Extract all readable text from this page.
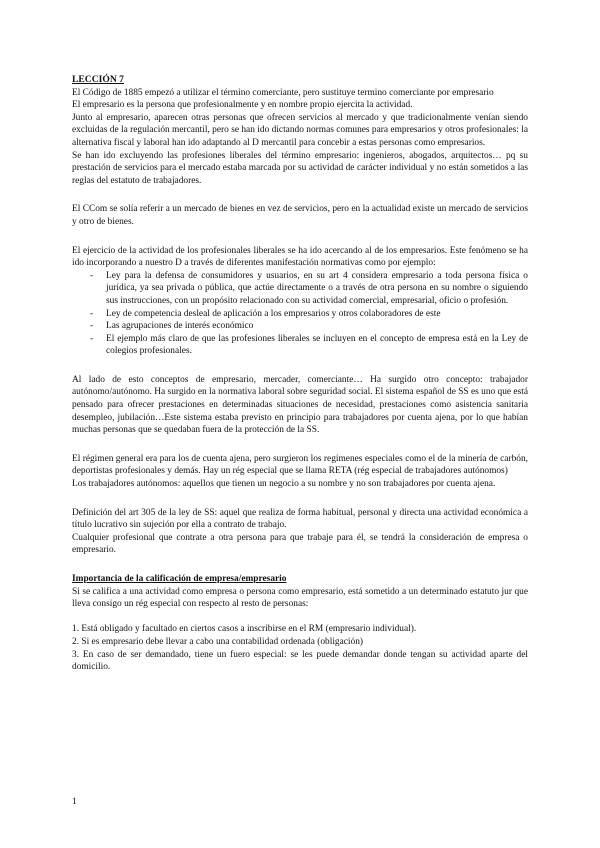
LECCIÓN 7

El Código de 1885 empezó a utilizar el término comerciante, pero sustituye termino comerciante por empresario

El empresario es la persona que profesionalmente y en nombre propio ejercita la actividad.

Junto al empresario, aparecen otras personas que ofrecen servicios al mercado y que tradicionalmente venían siendo excluidas de la regulación mercantil, pero se han ido dictando normas comunes para empresarios y otros profesionales: la alternativa fiscal y laboral han ido adaptando al D mercantil para concebir a estas personas como empresarios.

Se han ido excluyendo las profesiones liberales del término empresario: ingenieros, abogados, arquitectos… pq su prestación de servicios para el mercado estaba marcada por su actividad de carácter individual y no están sometidos a las reglas del estatuto de trabajadores.

El CCom se solía referir a un mercado de bienes en vez de servicios, pero en la actualidad existe un mercado de servicios y otro de bienes.

El ejercicio de la actividad de los profesionales liberales se ha ido acercando al de los empresarios. Este fenómeno se ha ido incorporando a nuestro D a través de diferentes manifestación normativas como por ejemplo:

- Ley para la defensa de consumidores y usuarios, en su art 4 considera empresario a toda persona física o jurídica, ya sea privada o pública, que actúe directamente o a través de otra persona en su nombre o siguiendo sus instrucciones, con un propósito relacionado con su actividad comercial, empresarial, oficio o profesión.
- Ley de competencia desleal de aplicación a los empresarios y otros colaboradores de este
- Las agrupaciones de interés económico
- El ejemplo más claro de que las profesiones liberales se incluyen en el concepto de empresa está en la Ley de colegios profesionales.

Al lado de esto conceptos de empresario, mercader, comerciante… Ha surgido otro concepto: trabajador autónomo/autónomo. Ha surgido en la normativa laboral sobre seguridad social. El sistema español de SS es uno que está pensado para ofrecer prestaciones en determinadas situaciones de necesidad, prestaciones como asistencia sanitaria desempleo, jubilación…Este sistema estaba previsto en principio para trabajadores por cuenta ajena, por lo que habían muchas personas que se quedaban fuera de la protección de la SS.

El régimen general era para los de cuenta ajena, pero surgieron los regímenes especiales como el de la minería de carbón, deportistas profesionales y demás. Hay un rég especial que se llama RETA (rég especial de trabajadores autónomos)

Los trabajadores autónomos: aquellos que tienen un negocio a su nombre y no son trabajadores por cuenta ajena.

Definición del art 305 de la ley de SS: aquel que realiza de forma habitual, personal y directa una actividad económica a título lucrativo sin sujeción por ella a contrato de trabajo.

Cualquier profesional que contrate a otra persona para que trabaje para él, se tendrá la consideración de empresa o empresario.

Importancia de la calificación de empresa/empresario

Si se califica a una actividad como empresa o persona como empresario, está sometido a un determinado estatuto jur que lleva consigo un rég especial con respecto al resto de personas:

1. Está obligado y facultado en ciertos casos a inscribirse en el RM (empresario individual).

2. Si es empresario debe llevar a cabo una contabilidad ordenada (obligación)

3. En caso de ser demandado, tiene un fuero especial: se les puede demandar donde tengan su actividad aparte del domicilio.

1
